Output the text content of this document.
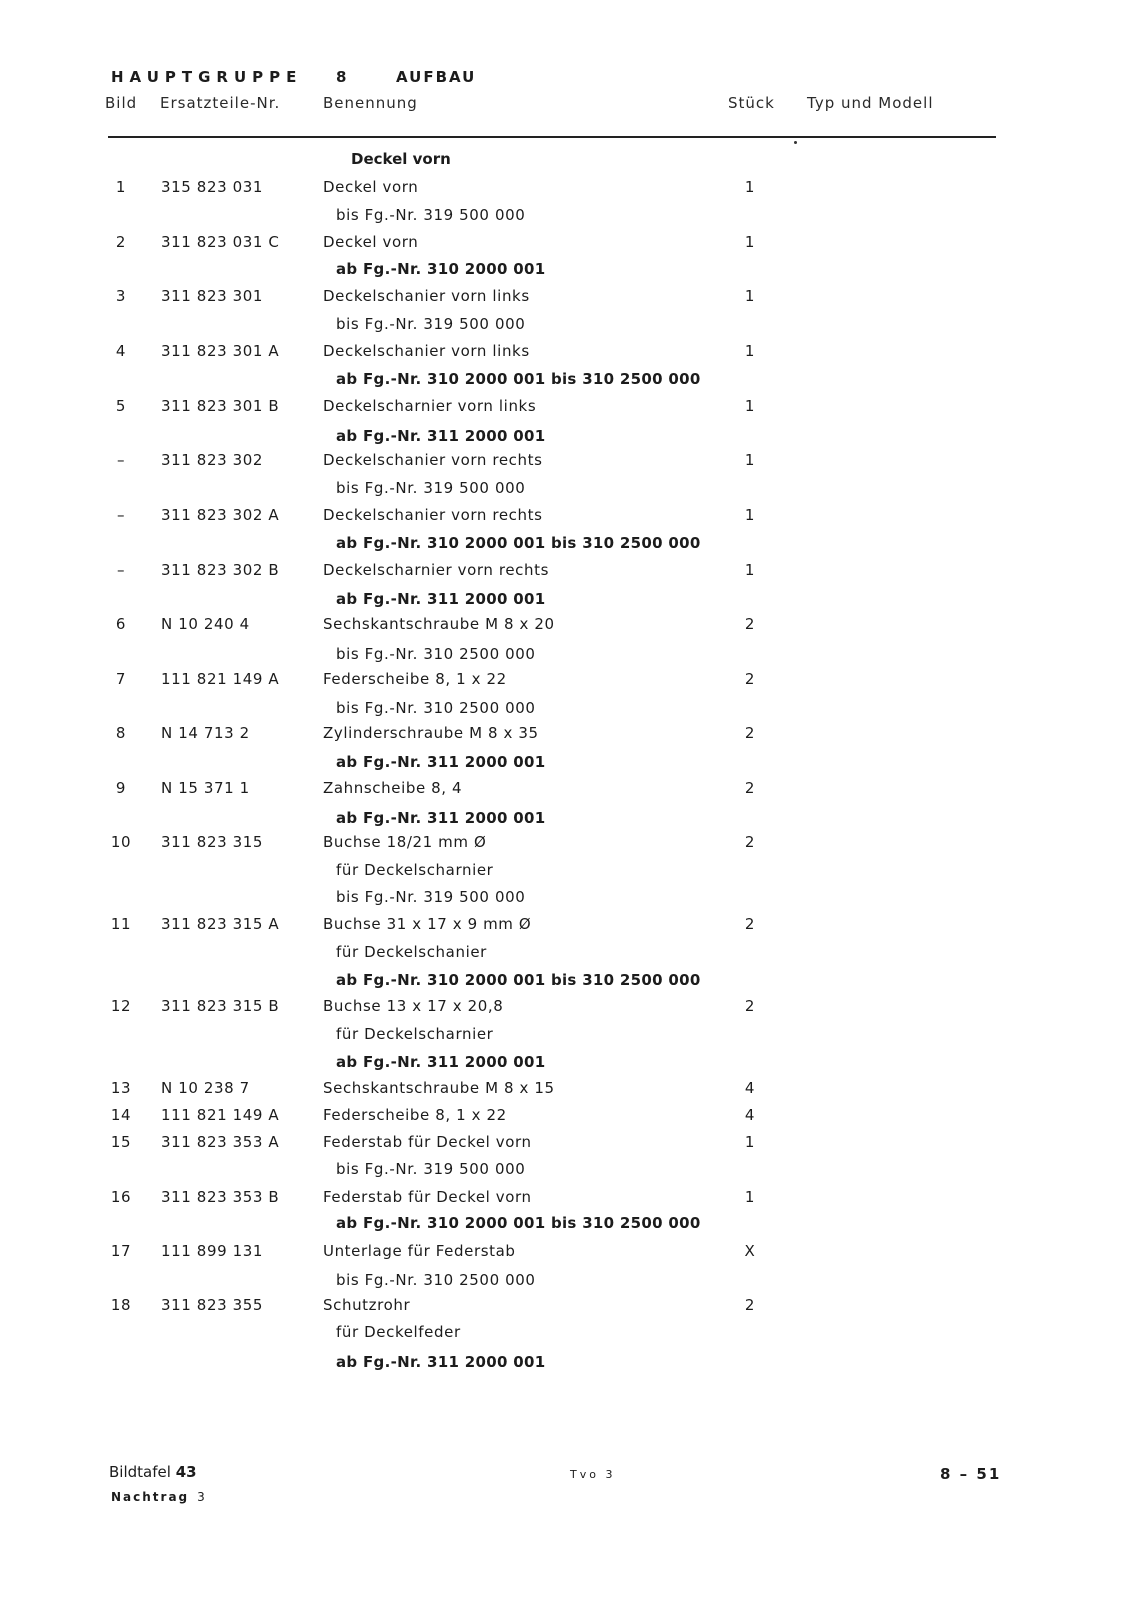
HAUPTGRUPPE 8	AUFBAU
Bild Ersatzteile-Nr.	Benennung	Stück Typ und Modell
Deckel vorn
1	315 823 031	Deckel vorn	1
bis Fg.-Nr. 319 500 000
2	311 823 031 C	Deckel vorn	1
ab Fg.-Nr. 310 2000 001
3	311 823 301	Deckelschanier vorn links	1
bis Fg.-Nr. 319 500 000
4	311 823 301 A	Deckelschanier vorn links	1
ab Fg.-Nr. 310 2000 001 bis 310 2500 000
5	311 823 301 B	Deckelscharnier vorn links	1
ab Fg.-Nr. 311 2000 001
–	311 823 302	Deckelschanier vorn rechts	1
bis Fg.-Nr. 319 500 000
–	311 823 302 A	Deckelschanier vorn rechts	1
ab Fg.-Nr. 310 2000 001 bis 310 2500 000
–	311 823 302 B	Deckelscharnier vorn rechts	1
ab Fg.-Nr. 311 2000 001
6	N 10 240 4	Sechskantschraube M 8 x 20	2
bis Fg.-Nr. 310 2500 000
7	111 821 149 A	Federscheibe 8, 1 x 22	2
bis Fg.-Nr. 310 2500 000
8	N 14 713 2	Zylinderschraube M 8 x 35	2
ab Fg.-Nr. 311 2000 001
9	N 15 371 1	Zahnscheibe 8, 4	2
ab Fg.-Nr. 311 2000 001
10	311 823 315	Buchse 18/21 mm Ø	2
für Deckelscharnier
bis Fg.-Nr. 319 500 000
11	311 823 315 A	Buchse 31 x 17 x 9 mm Ø	2
für Deckelschanier
ab Fg.-Nr. 310 2000 001 bis 310 2500 000
12	311 823 315 B	Buchse 13 x 17 x 20,8	2
für Deckelscharnier
ab Fg.-Nr. 311 2000 001
13	N 10 238 7	Sechskantschraube M 8 x 15	4
14	111 821 149 A	Federscheibe 8, 1 x 22	4
15	311 823 353 A	Federstab für Deckel vorn	1
bis Fg.-Nr. 319 500 000
16	311 823 353 B	Federstab für Deckel vorn	1
ab Fg.-Nr. 310 2000 001 bis 310 2500 000
17	111 899 131	Unterlage für Federstab	X
bis Fg.-Nr. 310 2500 000
18	311 823 355	Schutzrohr	2
für Deckelfeder
ab Fg.-Nr. 311 2000 001
Bildtafel 43
Nachtrag 3
Tvo 3	8 – 51
